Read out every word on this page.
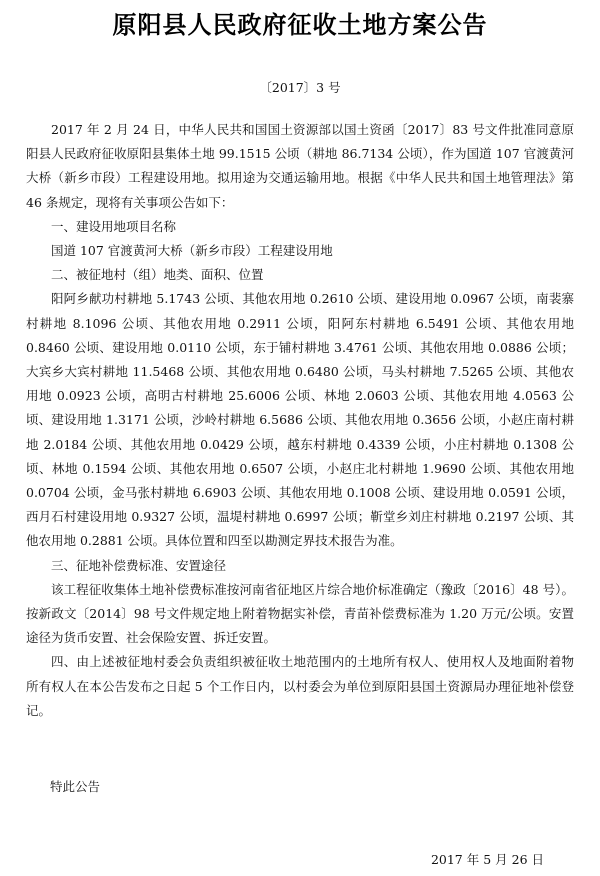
原阳县人民政府征收土地方案公告
〔2017〕3 号

2017 年 2 月 24 日，中华人民共和国国土资源部以国土资函〔2017〕83 号文件批准同意原阳县人民政府征收原阳县集体土地 99.1515 公顷（耕地 86.7134 公顷），作为国道 107 官渡黄河大桥（新乡市段）工程建设用地。拟用途为交通运输用地。根据《中华人民共和国土地管理法》第 46 条规定，现将有关事项公告如下：

一、建设用地项目名称

国道 107 官渡黄河大桥（新乡市段）工程建设用地

二、被征地村（组）地类、面积、位置

阳阿乡献功村耕地 5.1743 公顷、其他农用地 0.2610 公顷、建设用地 0.0967 公顷，南裴寨村耕地 8.1096 公顷、其他农用地 0.2911 公顷，阳阿东村耕地 6.5491 公顷、其他农用地 0.8460 公顷、建设用地 0.0110 公顷，东于铺村耕地 3.4761 公顷、其他农用地 0.0886 公顷；大宾乡大宾村耕地 11.5468 公顷、其他农用地 0.6480 公顷，马头村耕地 7.5265 公顷、其他农用地 0.0923 公顷，高明古村耕地 25.6006 公顷、林地 2.0603 公顷、其他农用地 4.0563 公顷、建设用地 1.3171 公顷，沙岭村耕地 6.5686 公顷、其他农用地 0.3656 公顷，小赵庄南村耕地 2.0184 公顷、其他农用地 0.0429 公顷，越东村耕地 0.4339 公顷，小庄村耕地 0.1308 公顷、林地 0.1594 公顷、其他农用地 0.6507 公顷，小赵庄北村耕地 1.9690 公顷、其他农用地 0.0704 公顷，金马张村耕地 6.6903 公顷、其他农用地 0.1008 公顷、建设用地 0.0591 公顷，西月石村建设用地 0.9327 公顷，温堤村耕地 0.6997 公顷；靳堂乡刘庄村耕地 0.2197 公顷、其他农用地 0.2881 公顷。具体位置和四至以勘测定界技术报告为准。

三、征地补偿费标准、安置途径

该工程征收集体土地补偿费标准按河南省征地区片综合地价标准确定（豫政〔2016〕48 号）。按新政文〔2014〕98 号文件规定地上附着物据实补偿，青苗补偿费标准为 1.20 万元/公顷。安置途径为货币安置、社会保险安置、拆迁安置。

四、由上述被征地村委会负责组织被征收土地范围内的土地所有权人、使用权人及地面附着物所有权人在本公告发布之日起 5 个工作日内，以村委会为单位到原阳县国土资源局办理征地补偿登记。

特此公告
2017 年 5 月 26 日
